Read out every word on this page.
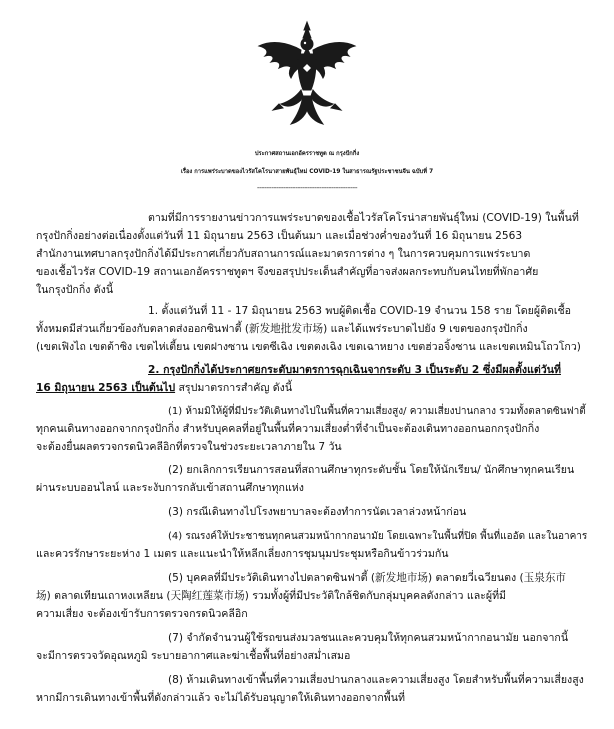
ประกาศสถานเอกอัครราชทูต ณ กรุงปักกิ่ง
เรื่อง การแพร่ระบาดของไวรัสโคโรนาสายพันธุ์ใหม่ COVID-19 ในสาธารณรัฐประชาชนจีน ฉบับที่ 7
------------------------------------------
ตามที่มีการรายงานข่าวการแพร่ระบาดของเชื้อไวรัสโคโรน่าสายพันธุ์ใหม่ (COVID-19) ในพื้นที่
กรุงปักกิ่งอย่างต่อเนื่องตั้งแต่วันที่ 11 มิถุนายน 2563 เป็นต้นมา และเมื่อช่วงค่ำของวันที่ 16 มิถุนายน 2563
สำนักงานเทศบาลกรุงปักกิ่งได้มีประกาศเกี่ยวกับสถานการณ์และมาตรการต่าง ๆ ในการควบคุมการแพร่ระบาด
ของเชื้อไวรัส COVID-19 สถานเอกอัครราชทูตฯ จึงขอสรุปประเด็นสำคัญที่อาจส่งผลกระทบกับคนไทยที่พักอาศัย
ในกรุงปักกิ่ง ดังนี้
1. ตั้งแต่วันที่ 11 - 17 มิถุนายน 2563 พบผู้ติดเชื้อ COVID-19 จำนวน 158 ราย โดยผู้ติดเชื้อ
ทั้งหมดมีส่วนเกี่ยวข้องกับตลาดส่งออกซินฟาตี้ (新发地批发市场) และได้แพร่ระบาดไปยัง 9 เขตของกรุงปักกิ่ง
(เขตเฟิงไถ เขตต้าซิง เขตไห่เตี้ยน เขตฝางซาน เขตซีเฉิง เขตตงเฉิง เขตเฉาหยาง เขตฮ่วอจิ้งซาน และเขตเหมินโถวโกว)
2. กรุงปักกิ่งได้ประกาศยกระดับมาตรการฉุกเฉินจากระดับ 3 เป็นระดับ 2 ซึ่งมีผลตั้งแต่วันที่
16 มิถุนายน 2563 เป็นต้นไป สรุปมาตรการสำคัญ ดังนี้
(1) ห้ามมิให้ผู้ที่มีประวัติเดินทางไปในพื้นที่ความเสี่ยงสูง/ ความเสี่ยงปานกลาง รวมทั้งตลาดซินฟาตี้
ทุกคนเดินทางออกจากกรุงปักกิ่ง สำหรับบุคคลที่อยู่ในพื้นที่ความเสี่ยงต่ำที่จำเป็นจะต้องเดินทางออกนอกกรุงปักกิ่ง
จะต้องยื่นผลตรวจกรดนิวคลีอิกที่ตรวจในช่วงระยะเวลาภายใน 7 วัน
(2) ยกเลิกการเรียนการสอนที่สถานศึกษาทุกระดับชั้น โดยให้นักเรียน/ นักศึกษาทุกคนเรียน
ผ่านระบบออนไลน์ และระงับการกลับเข้าสถานศึกษาทุกแห่ง
(3) กรณีเดินทางไปโรงพยาบาลจะต้องทำการนัดเวลาล่วงหน้าก่อน
(4) รณรงค์ให้ประชาชนทุกคนสวมหน้ากากอนามัย โดยเฉพาะในพื้นที่ปิด พื้นที่แออัด และในอาคาร
และควรรักษาระยะห่าง 1 เมตร และแนะนำให้หลีกเลี่ยงการชุมนุมประชุมหรือกินข้าวร่วมกัน
(5) บุคคลที่มีประวัติเดินทางไปตลาดซินฟาตี้ (新发地市场) ตลาดยวี่เฉวียนตง (玉泉东市
场) ตลาดเทียนเถาหงเหลียน (天陶红莲菜市场) รวมทั้งผู้ที่มีประวัติใกล้ชิดกับกลุ่มบุคคลดังกล่าว และผู้ที่มี
ความเสี่ยง จะต้องเข้ารับการตรวจกรดนิวคลีอิก
(7) จำกัดจำนวนผู้ใช้รถขนส่งมวลชนและควบคุมให้ทุกคนสวมหน้ากากอนามัย นอกจากนี้
จะมีการตรวจวัดอุณหภูมิ ระบายอากาศและฆ่าเชื้อพื้นที่อย่างสม่ำเสมอ
(8) ห้ามเดินทางเข้าพื้นที่ความเสี่ยงปานกลางและความเสี่ยงสูง โดยสำหรับพื้นที่ความเสี่ยงสูง
หากมีการเดินทางเข้าพื้นที่ดังกล่าวแล้ว จะไม่ได้รับอนุญาตให้เดินทางออกจากพื้นที่
